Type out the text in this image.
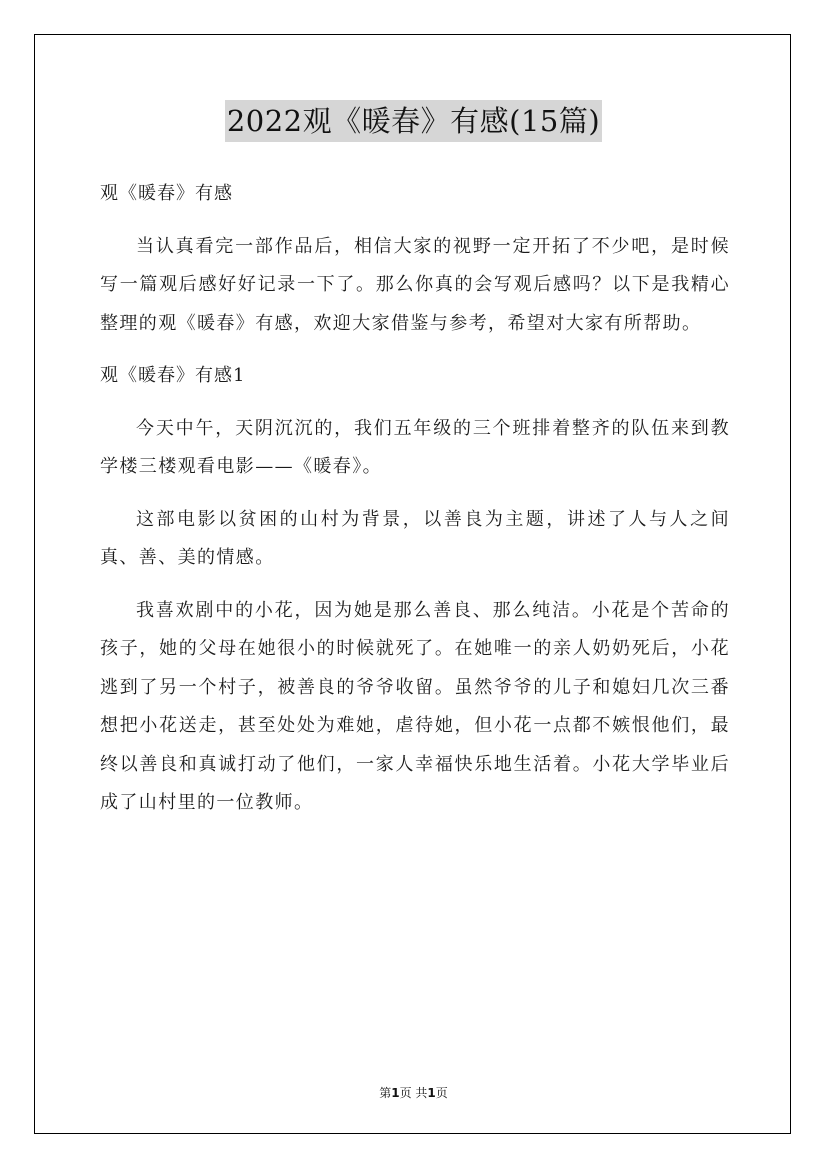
2022观《暖春》有感(15篇)

观《暖春》有感

当认真看完一部作品后，相信大家的视野一定开拓了不少吧，是时候写一篇观后感好好记录一下了。那么你真的会写观后感吗？以下是我精心整理的观《暖春》有感，欢迎大家借鉴与参考，希望对大家有所帮助。

观《暖春》有感1

今天中午，天阴沉沉的，我们五年级的三个班排着整齐的队伍来到教学楼三楼观看电影——《暖春》。

这部电影以贫困的山村为背景，以善良为主题，讲述了人与人之间真、善、美的情感。

我喜欢剧中的小花，因为她是那么善良、那么纯洁。小花是个苦命的孩子，她的父母在她很小的时候就死了。在她唯一的亲人奶奶死后，小花逃到了另一个村子，被善良的爷爷收留。虽然爷爷的儿子和媳妇几次三番想把小花送走，甚至处处为难她，虐待她，但小花一点都不嫉恨他们，最终以善良和真诚打动了他们，一家人幸福快乐地生活着。小花大学毕业后成了山村里的一位教师。

第1页 共1页
